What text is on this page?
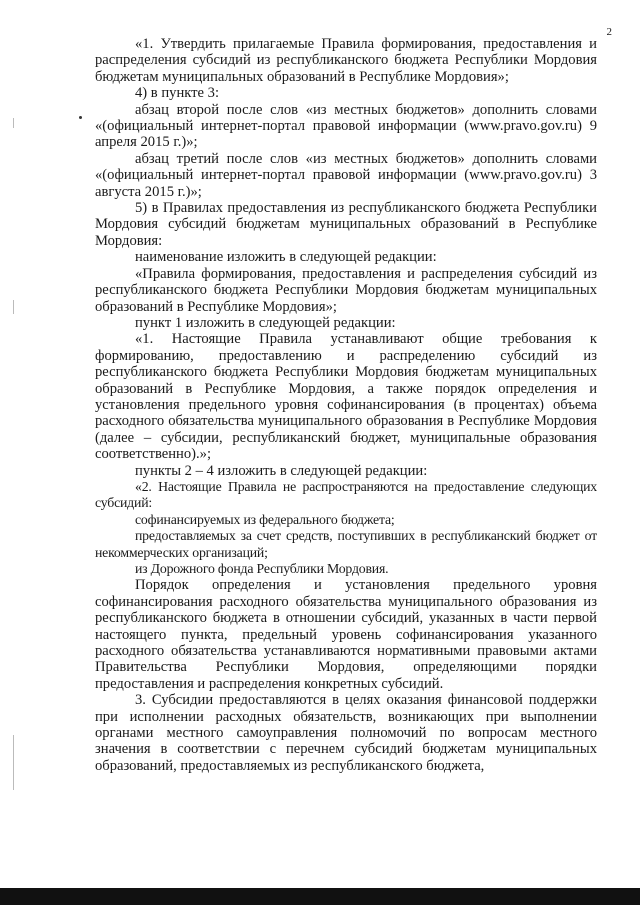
2

«1. Утвердить прилагаемые Правила формирования, предоставления и распределения субсидий из республиканского бюджета Республики Мордовия бюджетам муниципальных образований в Республике Мордовия»;

4) в пункте 3:

абзац второй после слов «из местных бюджетов» дополнить словами «(официальный интернет-портал правовой информации (www.pravo.gov.ru) 9 апреля 2015 г.)»;

абзац третий после слов «из местных бюджетов» дополнить словами «(официальный интернет-портал правовой информации (www.pravo.gov.ru) 3 августа 2015 г.)»;

5) в Правилах предоставления из республиканского бюджета Республики Мордовия субсидий бюджетам муниципальных образований в Республике Мордовия:

наименование изложить в следующей редакции:

«Правила формирования, предоставления и распределения субсидий из республиканского бюджета Республики Мордовия бюджетам муниципальных образований в Республике Мордовия»;

пункт 1 изложить в следующей редакции:

«1. Настоящие Правила устанавливают общие требования к формированию, предоставлению и распределению субсидий из республиканского бюджета Республики Мордовия бюджетам муниципальных образований в Республике Мордовия, а также порядок определения и установления предельного уровня софинансирования (в процентах) объема расходного обязательства муниципального образования в Республике Мордовия (далее – субсидии, республиканский бюджет, муниципальные образования соответственно).»;

пункты 2 – 4 изложить в следующей редакции:

«2. Настоящие Правила не распространяются на предоставление следующих субсидий:

софинансируемых из федерального бюджета;

предоставляемых за счет средств, поступивших в республиканский бюджет от некоммерческих организаций;

из Дорожного фонда Республики Мордовия.

Порядок определения и установления предельного уровня софинансирования расходного обязательства муниципального образования из республиканского бюджета в отношении субсидий, указанных в части первой настоящего пункта, предельный уровень софинансирования указанного расходного обязательства устанавливаются нормативными правовыми актами Правительства Республики Мордовия, определяющими порядки предоставления и распределения конкретных субсидий.

3. Субсидии предоставляются в целях оказания финансовой поддержки при исполнении расходных обязательств, возникающих при выполнении органами местного самоуправления полномочий по вопросам местного значения в соответствии с перечнем субсидий бюджетам муниципальных образований, предоставляемых из республиканского бюджета,
